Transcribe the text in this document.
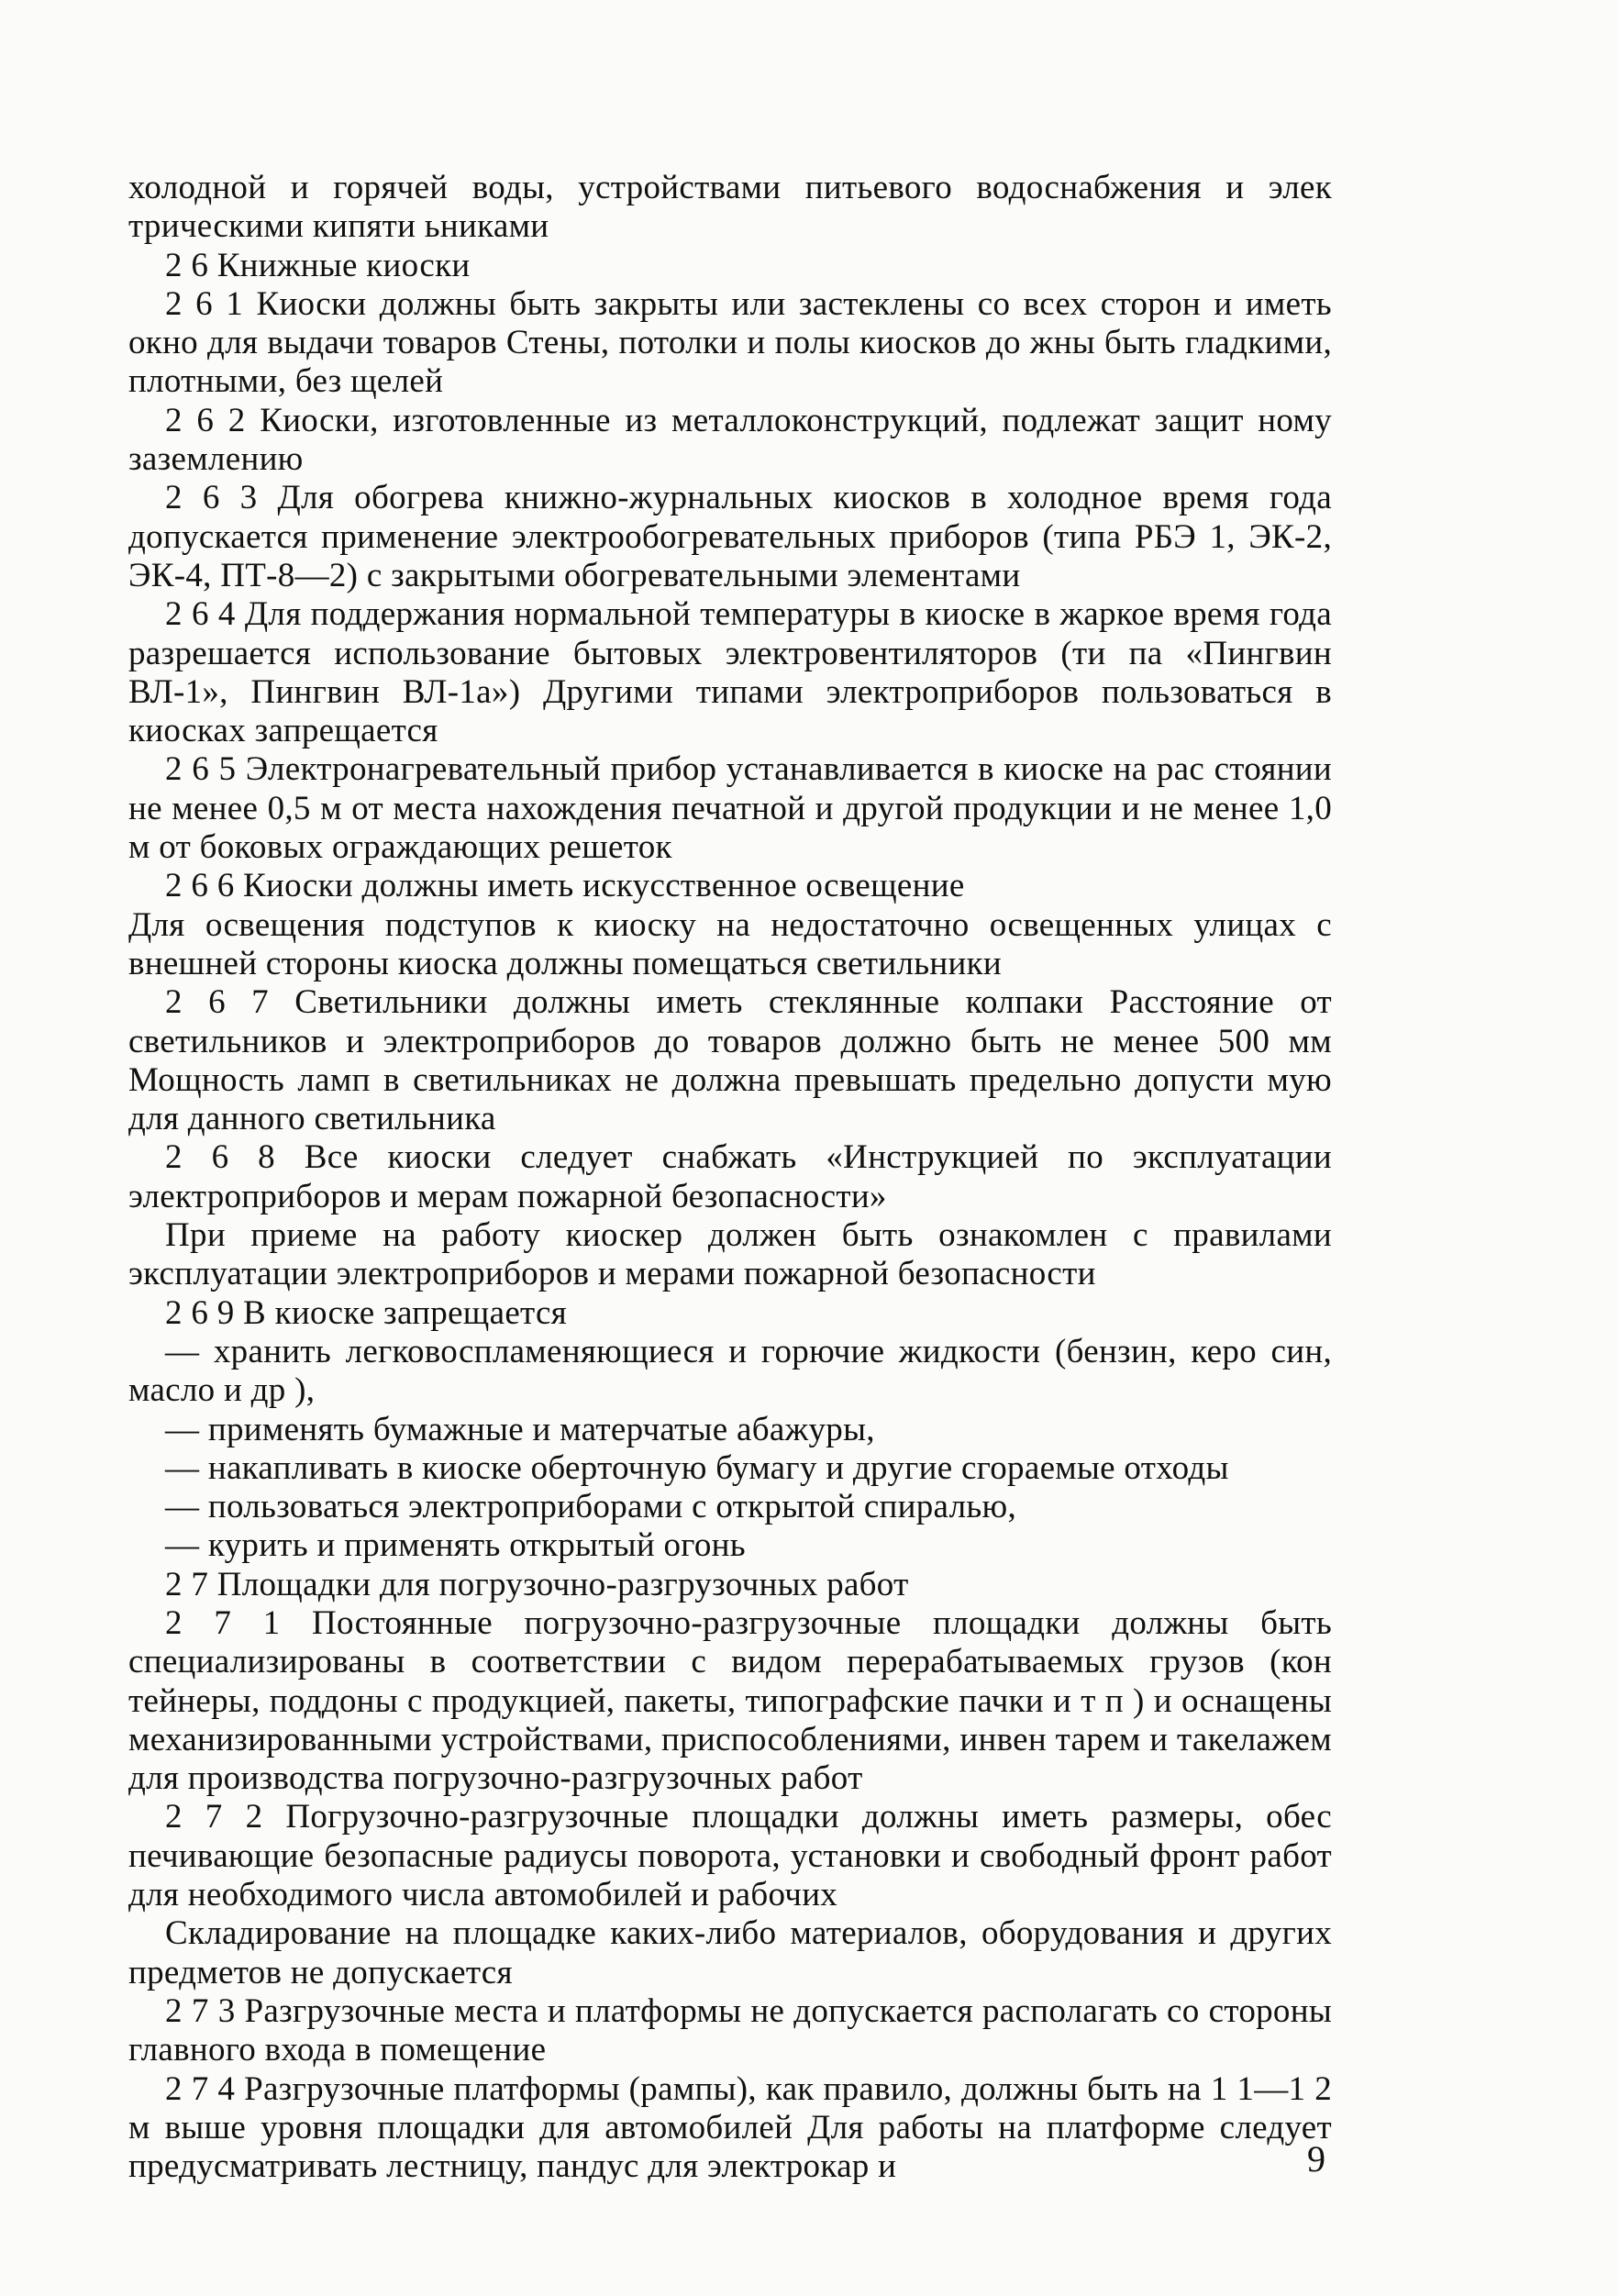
холодной и горячей воды, устройствами питьевого водоснабжения и элек трическими кипяти ьниками

2 6 Книжные киоски

2 6 1 Киоски должны быть закрыты или застеклены со всех сторон и иметь окно для выдачи товаров Стены, потолки и полы киосков до жны быть гладкими, плотными, без щелей

2 6 2 Киоски, изготовленные из металлоконструкций, подлежат защит ному заземлению

2 6 3 Для обогрева книжно-журнальных киосков в холодное время года допускается применение электрообогревательных приборов (типа РБЭ 1, ЭК-2, ЭК-4, ПТ-8—2) с закрытыми обогревательными элементами

2 6 4 Для поддержания нормальной температуры в киоске в жаркое время года разрешается использование бытовых электровентиляторов (ти па «Пингвин ВЛ-1», Пингвин ВЛ-1а») Другими типами электроприборов пользоваться в киосках запрещается

2 6 5 Электронагревательный прибор устанавливается в киоске на рас стоянии не менее 0,5 м от места нахождения печатной и другой продукции и не менее 1,0 м от боковых ограждающих решеток

2 6 6 Киоски должны иметь искусственное освещение

Для освещения подступов к киоску на недостаточно освещенных улицах с внешней стороны киоска должны помещаться светильники

2 6 7 Светильники должны иметь стеклянные колпаки Расстояние от светильников и электроприборов до товаров должно быть не менее 500 мм Мощность ламп в светильниках не должна превышать предельно допусти мую для данного светильника

2 6 8 Все киоски следует снабжать «Инструкцией по эксплуатации электроприборов и мерам пожарной безопасности»

При приеме на работу киоскер должен быть ознакомлен с правилами эксплуатации электроприборов и мерами пожарной безопасности

2 6 9 В киоске запрещается

— хранить легковоспламеняющиеся и горючие жидкости (бензин, керо син, масло и др ),

— применять бумажные и матерчатые абажуры,

— накапливать в киоске оберточную бумагу и другие сгораемые отходы

— пользоваться электроприборами с открытой спиралью,

— курить и применять открытый огонь

2 7 Площадки для погрузочно-разгрузочных работ

2 7 1 Постоянные погрузочно-разгрузочные площадки должны быть специализированы в соответствии с видом перерабатываемых грузов (кон тейнеры, поддоны с продукцией, пакеты, типографские пачки и т п ) и оснащены механизированными устройствами, приспособлениями, инвен тарем и такелажем для производства погрузочно-разгрузочных работ

2 7 2 Погрузочно-разгрузочные площадки должны иметь размеры, обес печивающие безопасные радиусы поворота, установки и свободный фронт работ для необходимого числа автомобилей и рабочих

Складирование на площадке каких-либо материалов, оборудования и других предметов не допускается

2 7 3 Разгрузочные места и платформы не допускается располагать со стороны главного входа в помещение

2 7 4 Разгрузочные платформы (рампы), как правило, должны быть на 1 1—1 2 м выше уровня площадки для автомобилей Для работы на платформе следует предусматривать лестницу, пандус для электрокар и	9
